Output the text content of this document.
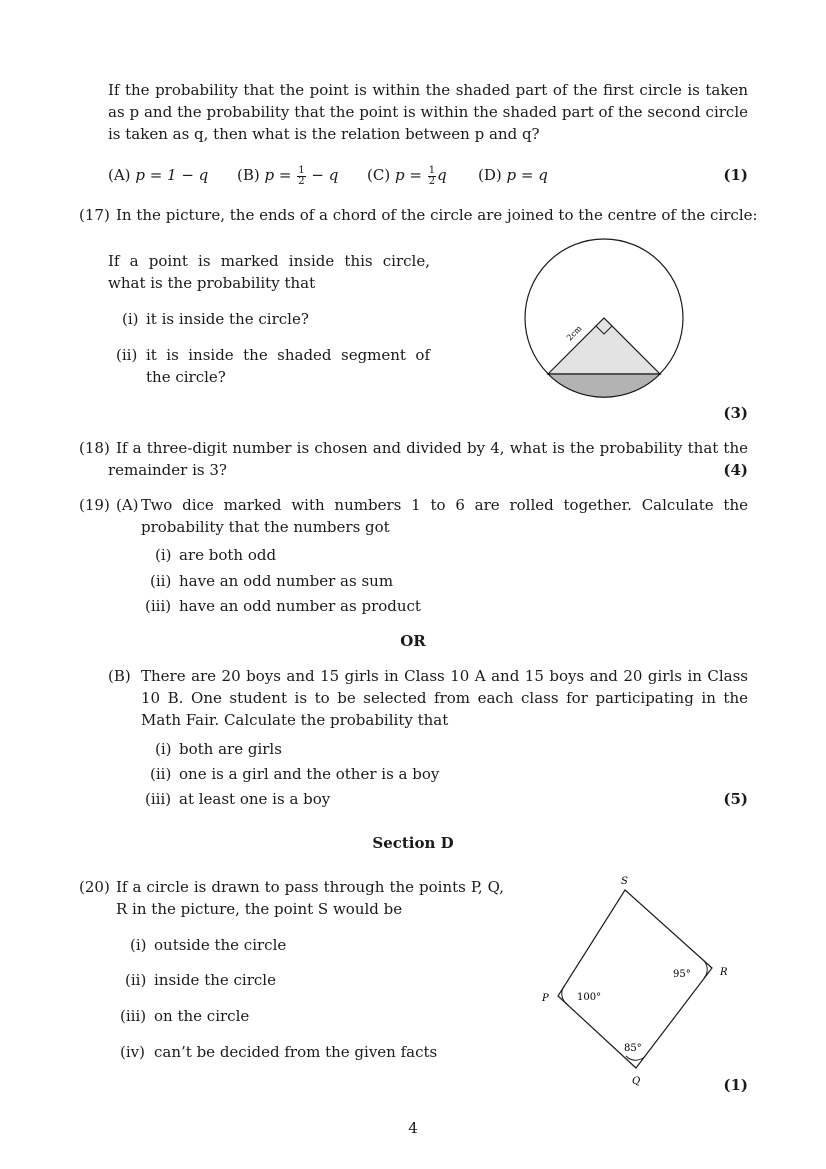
If the probability that the point is within the shaded part of the first circle is taken as p and the probability that the point is within the shaded part of the second circle is taken as q, then what is the relation between p and q?
(A) p = 1 − q (B) $p = \frac{1}{2} - q$ (C) $p = \frac{1}{2}$ q (D) p = q	(1)
(17) In the picture, the ends of a chord of the circle are joined to the centre of the circle:
If a point is marked inside this circle, what is the probability that
(i) it is inside the circle?
(ii) it is inside the shaded segment of the circle?
2cm
(3)
(18) If a three-digit number is chosen and divided by 4, what is the probability that the remainder is 3?	(4)
(19) (A) Two dice marked with numbers 1 to 6 are rolled together. Calculate the probability that the numbers got
(i) are both odd
(ii) have an odd number as sum
(iii) have an odd number as product
OR
(B) There are 20 boys and 15 girls in Class 10 A and 15 boys and 20 girls in Class 10 B. One student is to be selected from each class for participating in the Math Fair. Calculate the probability that
(i) both are girls
(ii) one is a girl and the other is a boy
(iii) at least one is a boy	(5)
Section D
(20) If a circle is drawn to pass through the points P, Q, R in the picture, the point S would be
(i) outside the circle
(ii) inside the circle
(iii) on the circle
(iv) can’t be decided from the given facts
S
P
Q
R
100°
85°
95°
(1)
4
